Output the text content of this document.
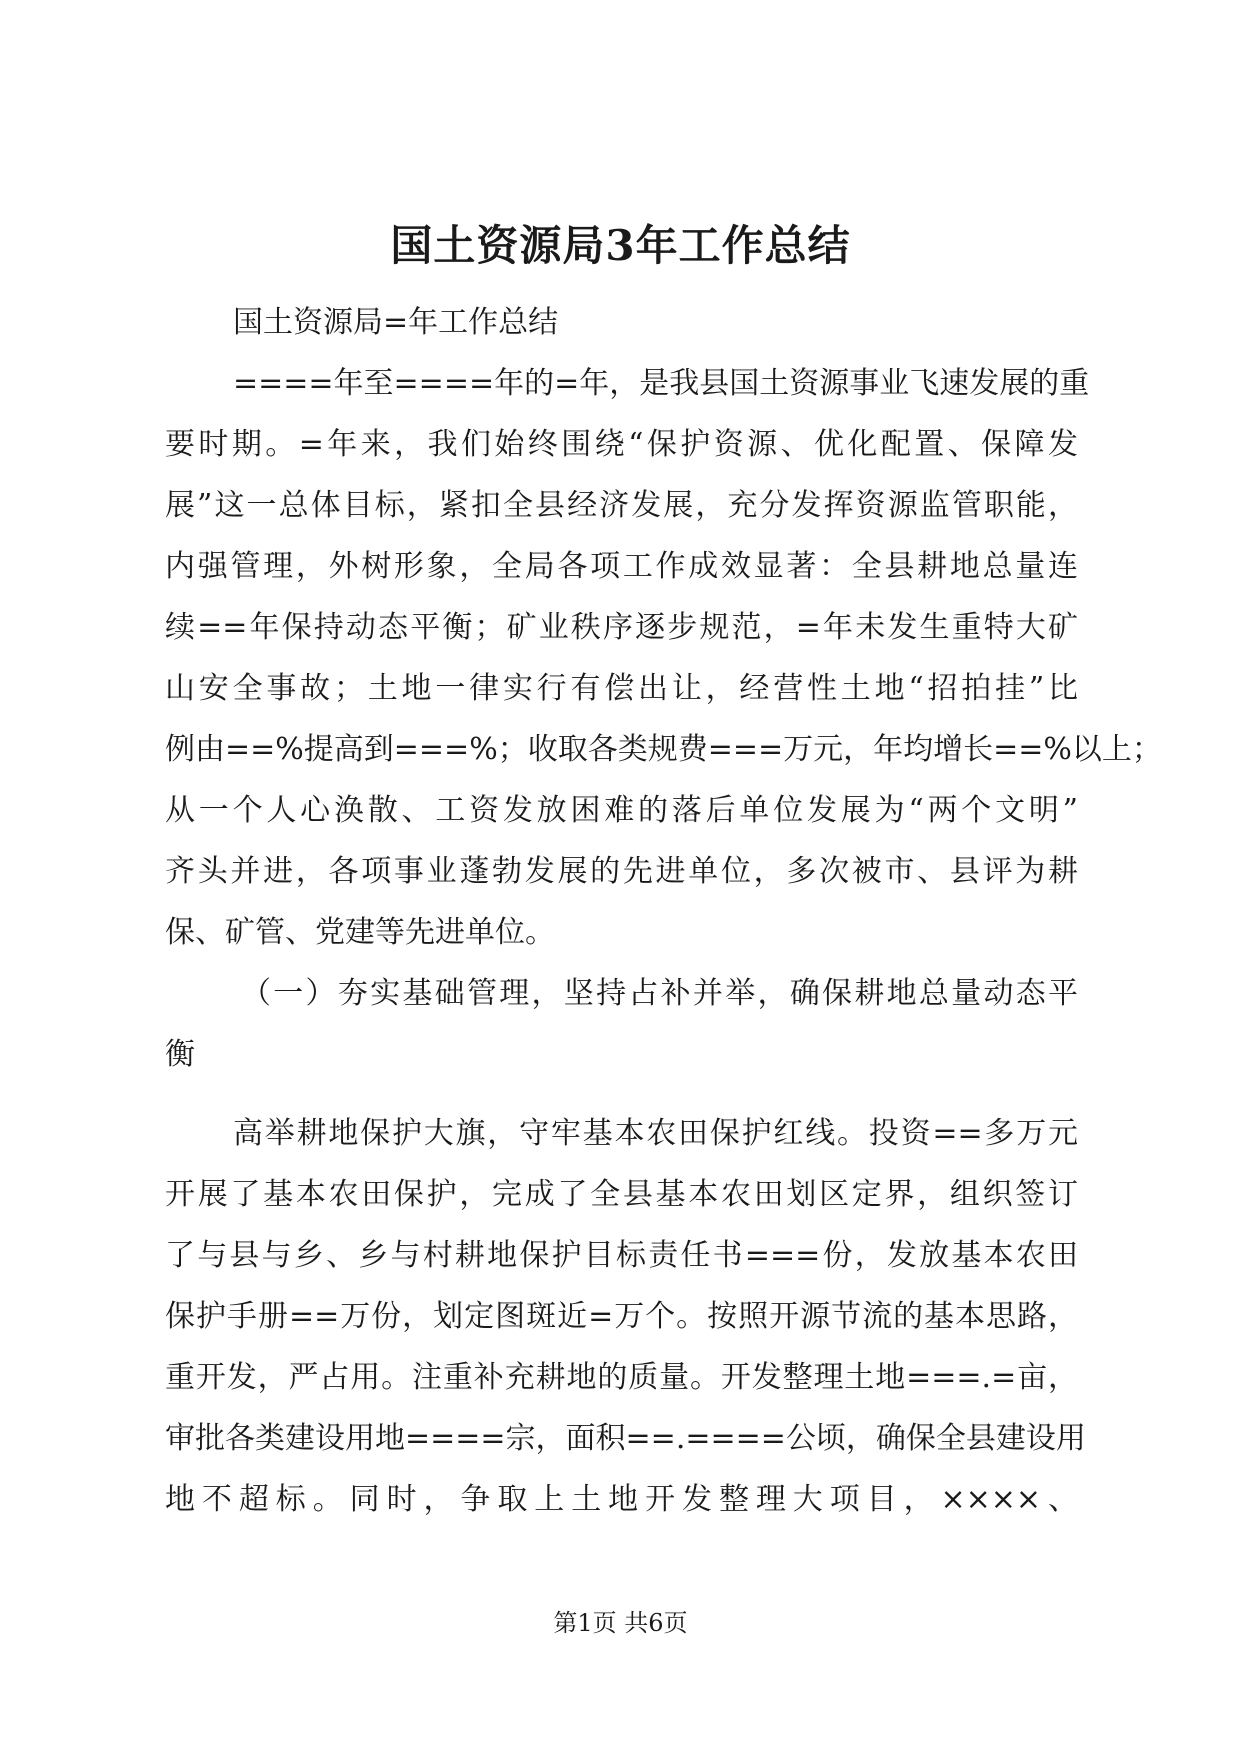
国土资源局3年工作总结
国土资源局=年工作总结
====年至====年的=年，是我县国土资源事业飞速发展的重
要时期。=年来，我们始终围绕“保护资源、优化配置、保障发
展”这一总体目标，紧扣全县经济发展，充分发挥资源监管职能，
内强管理，外树形象，全局各项工作成效显著：全县耕地总量连
续==年保持动态平衡；矿业秩序逐步规范，=年未发生重特大矿
山安全事故；土地一律实行有偿出让，经营性土地“招拍挂”比
例由==%提高到===%；收取各类规费===万元，年均增长==%以上；
从一个人心涣散、工资发放困难的落后单位发展为“两个文明”
齐头并进，各项事业蓬勃发展的先进单位，多次被市、县评为耕
保、矿管、党建等先进单位。
（一）夯实基础管理，坚持占补并举，确保耕地总量动态平
衡
高举耕地保护大旗，守牢基本农田保护红线。投资==多万元
开展了基本农田保护，完成了全县基本农田划区定界，组织签订
了与县与乡、乡与村耕地保护目标责任书===份，发放基本农田
保护手册==万份，划定图斑近=万个。按照开源节流的基本思路，
重开发，严占用。注重补充耕地的质量。开发整理土地===.=亩，
审批各类建设用地====宗，面积==.====公顷，确保全县建设用
地不超标。同时，争取上土地开发整理大项目，××××、
第1页 共6页
